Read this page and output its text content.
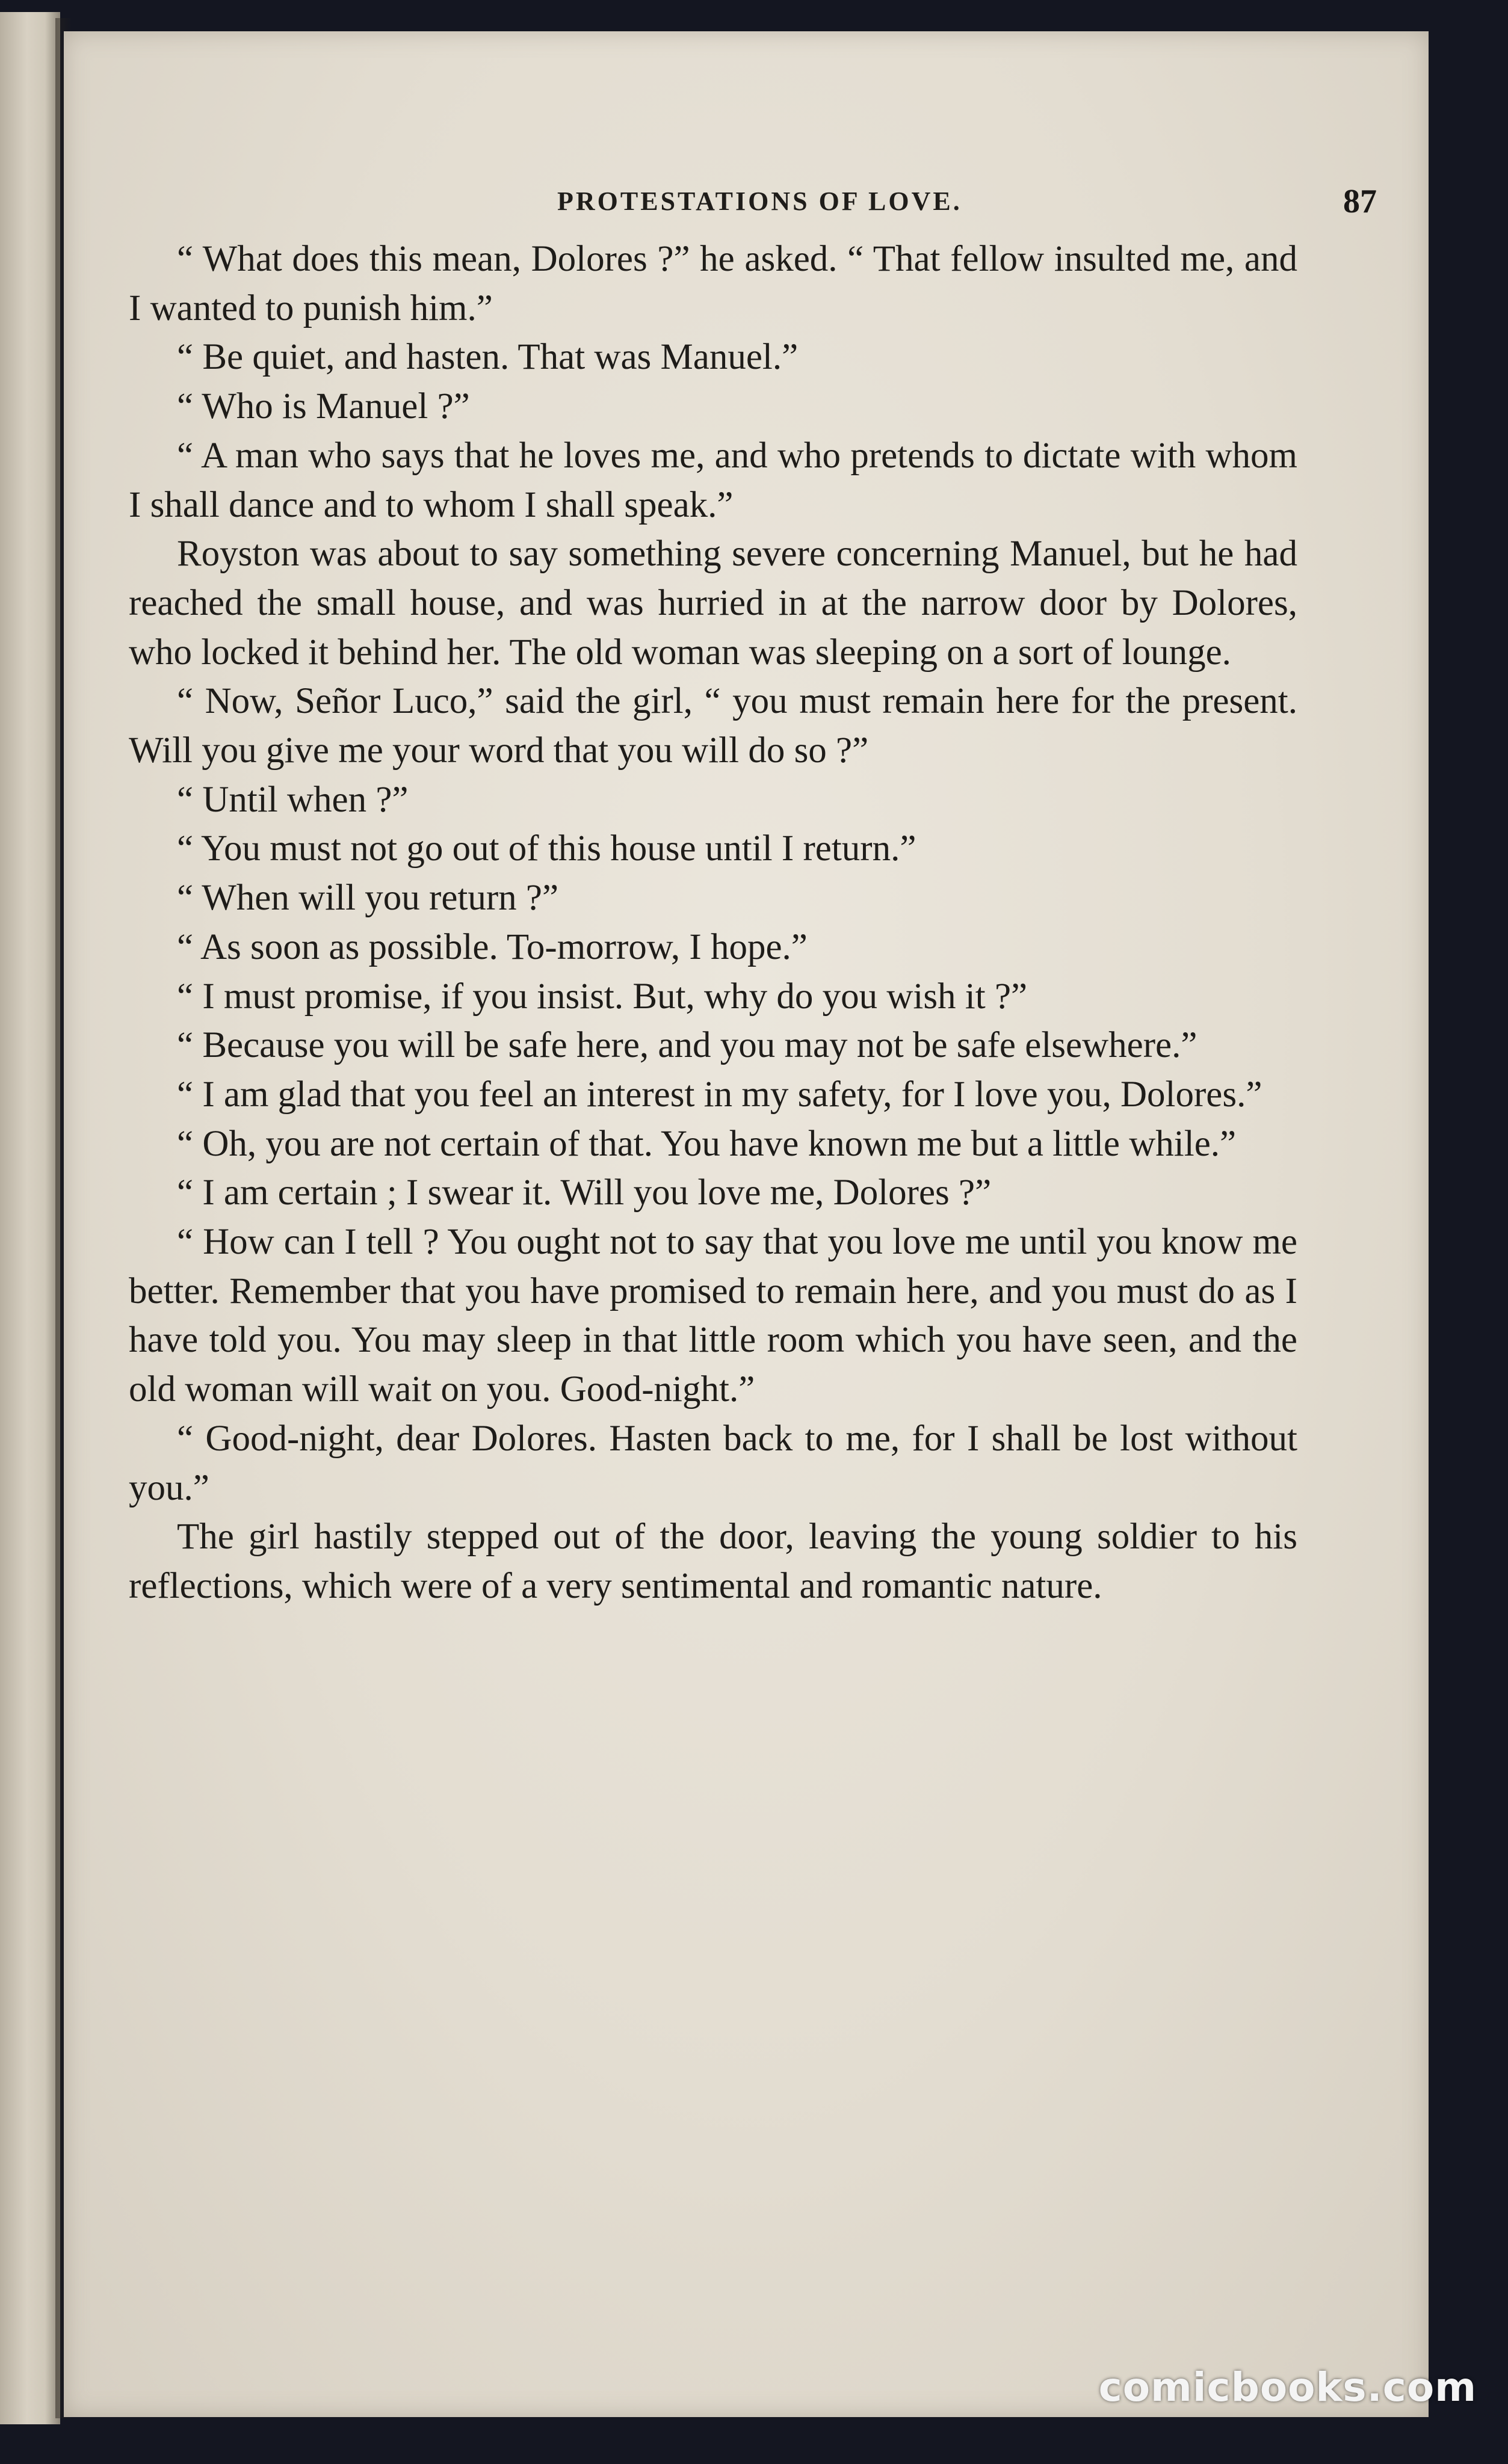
PROTESTATIONS OF LOVE.	87

“ What does this mean, Dolores ?” he asked. “ That fellow insulted me, and I wanted to punish him.”

“ Be quiet, and hasten. That was Manuel.”

“ Who is Manuel ?”

“ A man who says that he loves me, and who pretends to dictate with whom I shall dance and to whom I shall speak.”

Royston was about to say something severe concerning Manuel, but he had reached the small house, and was hurried in at the narrow door by Dolores, who locked it behind her. The old woman was sleeping on a sort of lounge.

“ Now, Señor Luco,” said the girl, “ you must remain here for the present. Will you give me your word that you will do so ?”

“ Until when ?”

“ You must not go out of this house until I return.”

“ When will you return ?”

“ As soon as possible. To-morrow, I hope.”

“ I must promise, if you insist. But, why do you wish it ?”

“ Because you will be safe here, and you may not be safe elsewhere.”

“ I am glad that you feel an interest in my safety, for I love you, Dolores.”

“ Oh, you are not certain of that. You have known me but a little while.”

“ I am certain ; I swear it. Will you love me, Dolores ?”

“ How can I tell ? You ought not to say that you love me until you know me better. Remember that you have promised to remain here, and you must do as I have told you. You may sleep in that little room which you have seen, and the old woman will wait on you. Good-night.”

“ Good-night, dear Dolores. Hasten back to me, for I shall be lost without you.”

The girl hastily stepped out of the door, leaving the young soldier to his reflections, which were of a very sentimental and romantic nature.

comicbooks.com
